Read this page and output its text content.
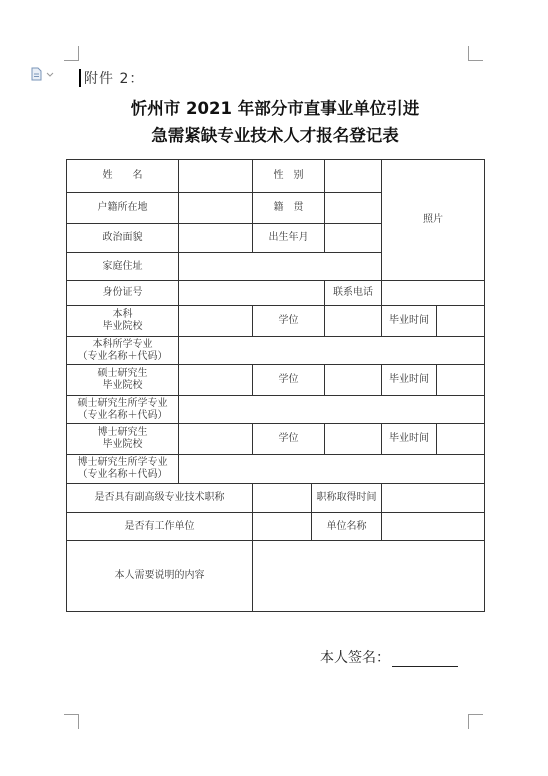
附件 2：
忻州市 2021 年部分市直事业单位引进
急需紧缺专业技术人才报名登记表
姓　　名		性　别			照片	
户籍所在地		籍　贯				
政治面貌		出生年月				
家庭住址						
身份证号				联系电话		

本科
毕业院校		学位			毕业时间	

本科所学专业
（专业名称＋代码）						

硕士研究生
毕业院校		学位			毕业时间	

硕士研究生所学专业
（专业名称＋代码）						

博士研究生
毕业院校		学位			毕业时间	

博士研究生所学专业
（专业名称＋代码）						

是否具有副高级专业技术职称			职称取得时间			
是否有工作单位			单位名称			
本人需要说明的内容						
本人签名：
